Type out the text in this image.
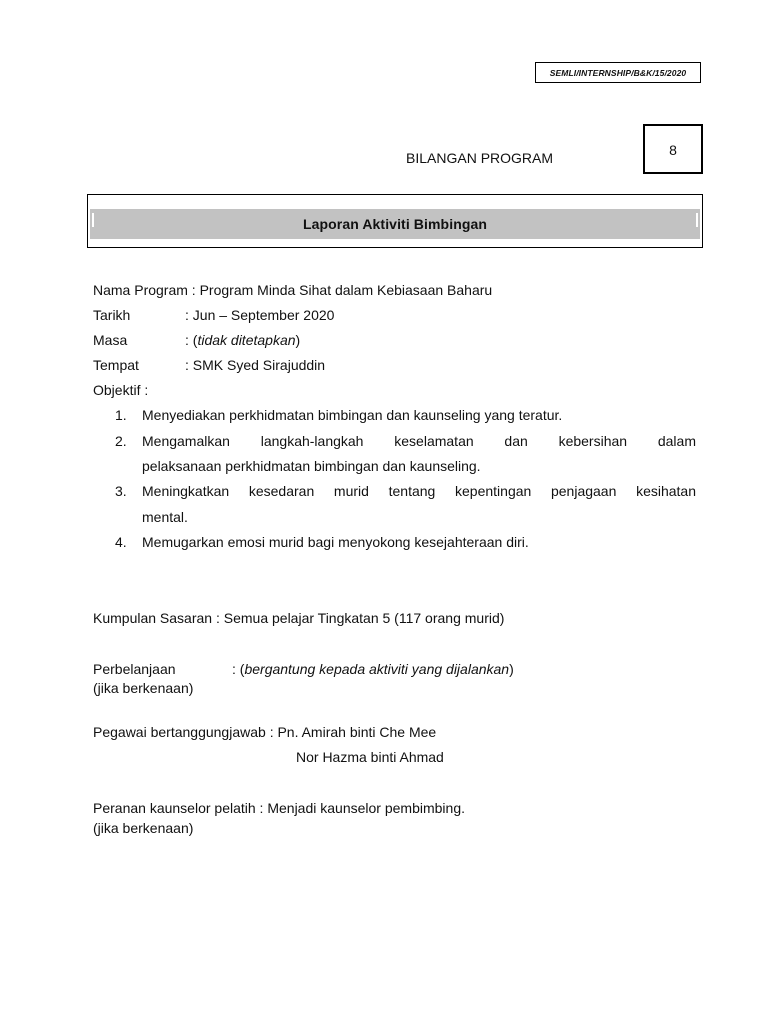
SEMLI/INTERNSHIP/B&K/15/2020
BILANGAN PROGRAM	8
Laporan Aktiviti Bimbingan
Nama Program : Program Minda Sihat dalam Kebiasaan Baharu
Tarikh	: Jun – September 2020
Masa	: (tidak ditetapkan)
Tempat	: SMK Syed Sirajuddin
Objektif :
1. Menyediakan perkhidmatan bimbingan dan kaunseling yang teratur.
2. Mengamalkan langkah-langkah keselamatan dan kebersihan dalam
pelaksanaan perkhidmatan bimbingan dan kaunseling.
3. Meningkatkan kesedaran murid tentang kepentingan penjagaan kesihatan
mental.
4. Memugarkan emosi murid bagi menyokong kesejahteraan diri.
Kumpulan Sasaran : Semua pelajar Tingkatan 5 (117 orang murid)
Perbelanjaan	: (bergantung kepada aktiviti yang dijalankan)
(jika berkenaan)
Pegawai bertanggungjawab : Pn. Amirah binti Che Mee
Nor Hazma binti Ahmad
Peranan kaunselor pelatih : Menjadi kaunselor pembimbing.
(jika berkenaan)
